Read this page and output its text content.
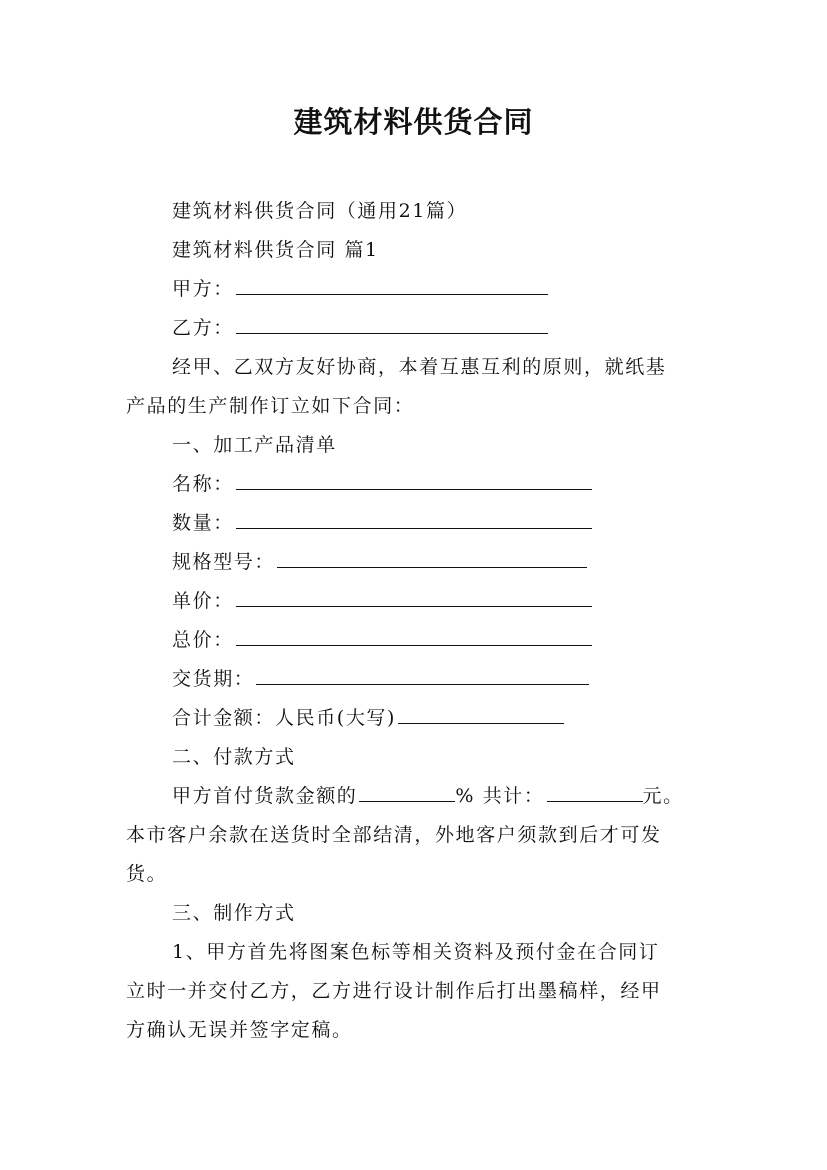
建筑材料供货合同
建筑材料供货合同（通用21篇）
建筑材料供货合同 篇1
甲方：
乙方：
经甲、乙双方友好协商，本着互惠互利的原则，就纸基
产品的生产制作订立如下合同：
一、加工产品清单
名称：
数量：
规格型号：
单价：
总价：
交货期：
合计金额：人民币(大写)
二、付款方式
甲方首付货款金额的	% 共计：	元。
本市客户余款在送货时全部结清，外地客户须款到后才可发
货。
三、制作方式
1、甲方首先将图案色标等相关资料及预付金在合同订
立时一并交付乙方，乙方进行设计制作后打出墨稿样，经甲
方确认无误并签字定稿。
